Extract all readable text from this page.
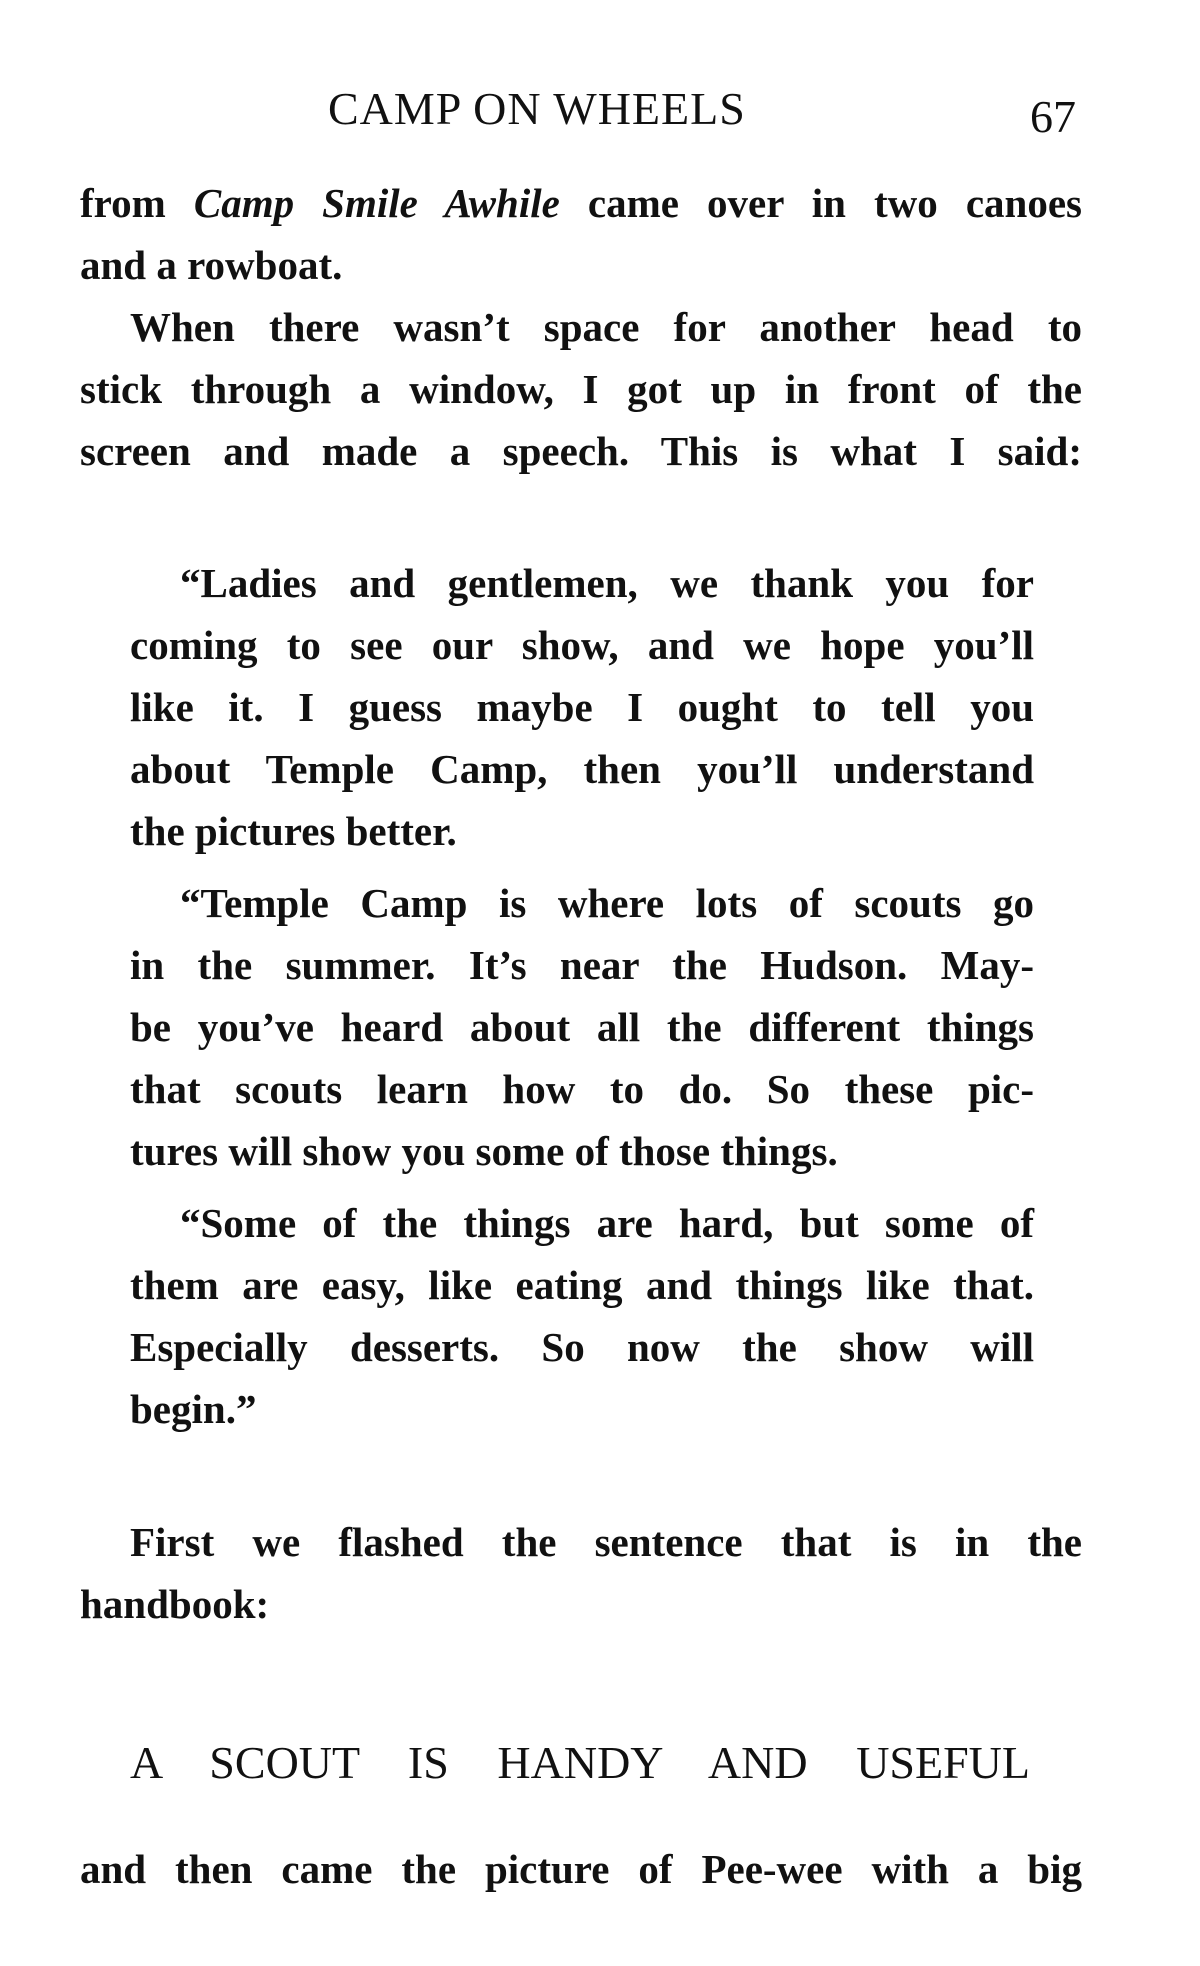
CAMP ON WHEELS	67
from Camp Smile Awhile came over in two canoes
and a rowboat.
When there wasn’t space for another head to
stick through a window, I got up in front of the
screen and made a speech. This is what I said:
“Ladies and gentlemen, we thank you for
coming to see our show, and we hope you’ll
like it. I guess maybe I ought to tell you
about Temple Camp, then you’ll understand
the pictures better.
“Temple Camp is where lots of scouts go
in the summer. It’s near the Hudson. May-
be you’ve heard about all the different things
that scouts learn how to do. So these pic-
tures will show you some of those things.
“Some of the things are hard, but some of
them are easy, like eating and things like that.
Especially desserts. So now the show will
begin.”
First we flashed the sentence that is in the
handbook:
A SCOUT IS HANDY AND USEFUL
and then came the picture of Pee-wee with a big
